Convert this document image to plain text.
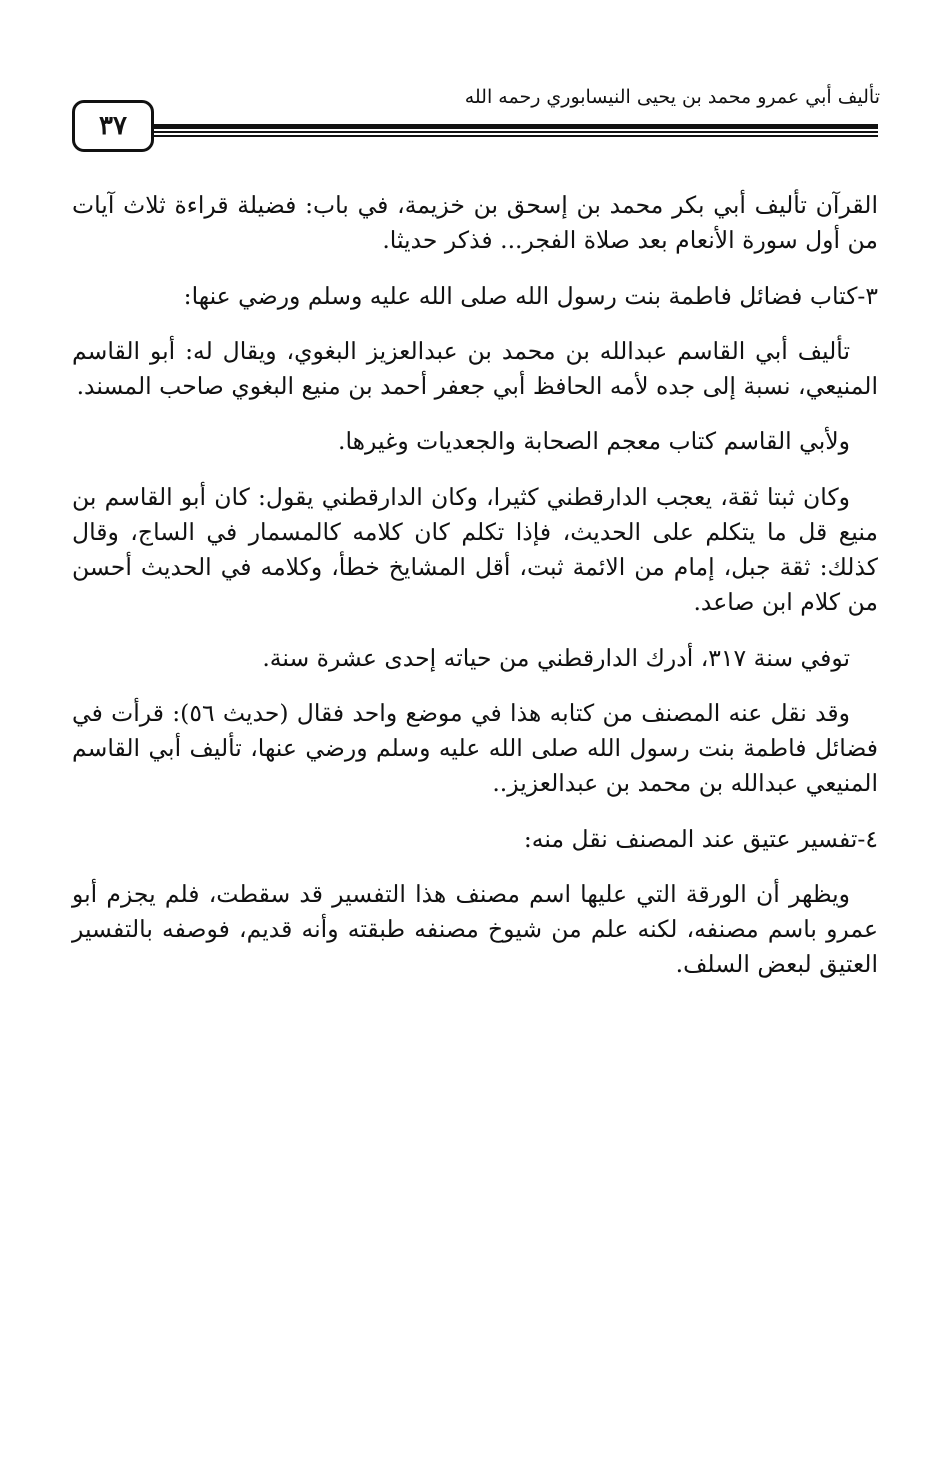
تأليف أبي عمرو محمد بن يحيى النيسابوري رحمه الله
٣٧

القرآن تأليف أبي بكر محمد بن إسحق بن خزيمة، في باب: فضيلة قراءة ثلاث آيات من أول سورة الأنعام بعد صلاة الفجر... فذكر حديثا.

٣-كتاب فضائل فاطمة بنت رسول الله صلى الله عليه وسلم ورضي عنها:

تأليف أبي القاسم عبدالله بن محمد بن عبدالعزيز البغوي، ويقال له: أبو القاسم المنيعي، نسبة إلى جده لأمه الحافظ أبي جعفر أحمد بن منيع البغوي صاحب المسند.

ولأبي القاسم كتاب معجم الصحابة والجعديات وغيرها.

وكان ثبتا ثقة، يعجب الدارقطني كثيرا، وكان الدارقطني يقول: كان أبو القاسم بن منيع قل ما يتكلم على الحديث، فإذا تكلم كان كلامه كالمسمار في الساج، وقال كذلك: ثقة جبل، إمام من الائمة ثبت، أقل المشايخ خطأ، وكلامه في الحديث أحسن من كلام ابن صاعد.

توفي سنة ٣١٧، أدرك الدارقطني من حياته إحدى عشرة سنة.

وقد نقل عنه المصنف من كتابه هذا في موضع واحد فقال (حديث ٥٦): قرأت في فضائل فاطمة بنت رسول الله صلى الله عليه وسلم ورضي عنها، تأليف أبي القاسم المنيعي عبدالله بن محمد بن عبدالعزيز..

٤-تفسير عتيق عند المصنف نقل منه:

ويظهر أن الورقة التي عليها اسم مصنف هذا التفسير قد سقطت، فلم يجزم أبو عمرو باسم مصنفه، لكنه علم من شيوخ مصنفه طبقته وأنه قديم، فوصفه بالتفسير العتيق لبعض السلف.
